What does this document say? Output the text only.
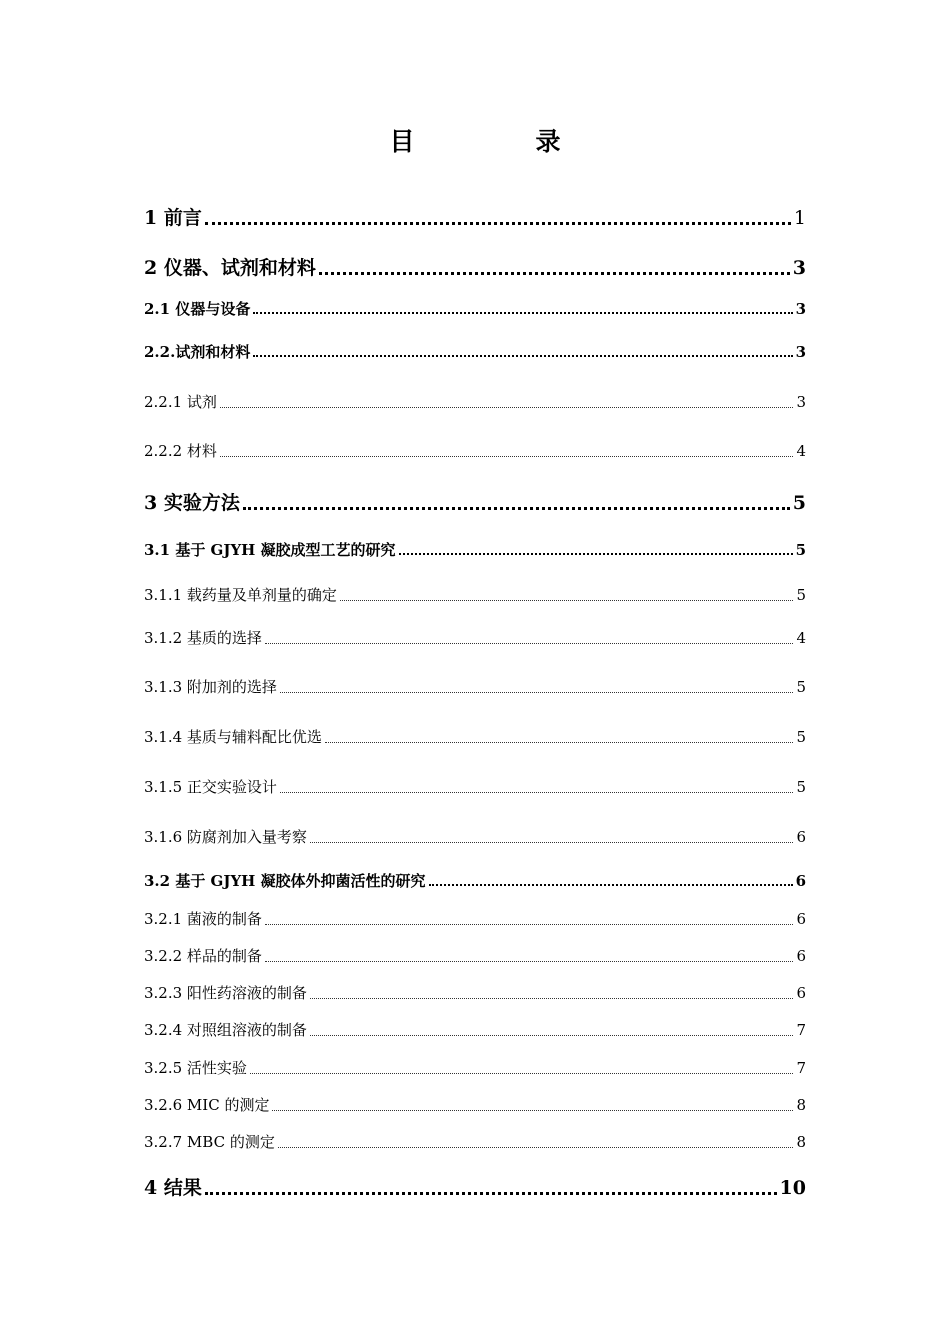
目　录
1 前言	1
2 仪器、试剂和材料	3
2.1 仪器与设备	3
2.2.试剂和材料	3
2.2.1 试剂	3
2.2.2 材料	4
3 实验方法	5
3.1 基于 GJYH 凝胶成型工艺的研究	5
3.1.1 载药量及单剂量的确定	5
3.1.2 基质的选择	4
3.1.3 附加剂的选择	5
3.1.4 基质与辅料配比优选	5
3.1.5 正交实验设计	5
3.1.6 防腐剂加入量考察	6
3.2 基于 GJYH 凝胶体外抑菌活性的研究	6
3.2.1 菌液的制备	6
3.2.2 样品的制备	6
3.2.3 阳性药溶液的制备	6
3.2.4 对照组溶液的制备	7
3.2.5 活性实验	7
3.2.6 MIC 的测定	8
3.2.7 MBC 的测定	8
4 结果	10
